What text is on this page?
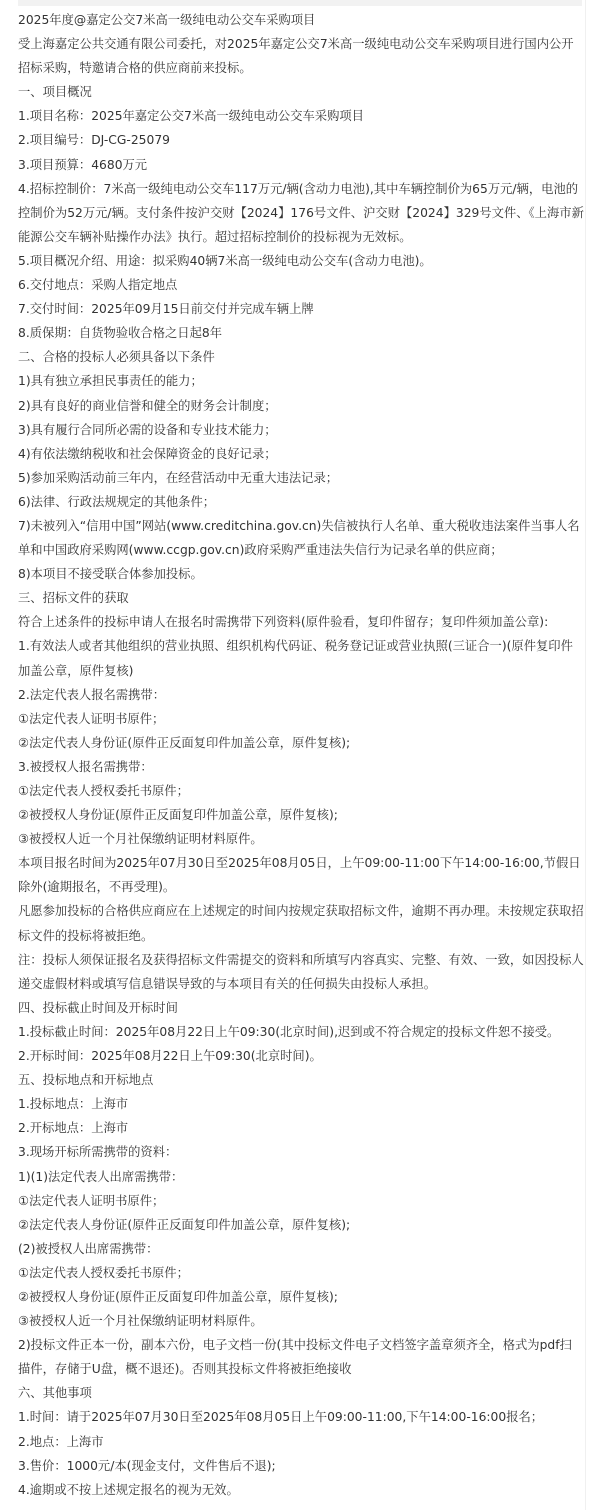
2025年度@嘉定公交7米高一级纯电动公交车采购项目

受上海嘉定公共交通有限公司委托，对2025年嘉定公交7米高一级纯电动公交车采购项目进行国内公开招标采购，特邀请合格的供应商前来投标。

一、项目概况

1.项目名称：2025年嘉定公交7米高一级纯电动公交车采购项目

2.项目编号：DJ-CG-25079

3.项目预算：4680万元

4.招标控制价：7米高一级纯电动公交车117万元/辆(含动力电池),其中车辆控制价为65万元/辆，电池的控制价为52万元/辆。支付条件按沪交财【2024】176号文件、沪交财【2024】329号文件、《上海市新能源公交车辆补贴操作办法》执行。超过招标控制价的投标视为无效标。

5.项目概况介绍、用途：拟采购40辆7米高一级纯电动公交车(含动力电池)。

6.交付地点：采购人指定地点

7.交付时间：2025年09月15日前交付并完成车辆上牌

8.质保期：自货物验收合格之日起8年

二、合格的投标人必须具备以下条件

1)具有独立承担民事责任的能力；

2)具有良好的商业信誉和健全的财务会计制度；

3)具有履行合同所必需的设备和专业技术能力；

4)有依法缴纳税收和社会保障资金的良好记录；

5)参加采购活动前三年内，在经营活动中无重大违法记录；

6)法律、行政法规规定的其他条件；

7)未被列入“信用中国”网站(www.creditchina.gov.cn)失信被执行人名单、重大税收违法案件当事人名单和中国政府采购网(www.ccgp.gov.cn)政府采购严重违法失信行为记录名单的供应商；

8)本项目不接受联合体参加投标。

三、招标文件的获取

符合上述条件的投标申请人在报名时需携带下列资料(原件验看，复印件留存；复印件须加盖公章):

1.有效法人或者其他组织的营业执照、组织机构代码证、税务登记证或营业执照(三证合一)(原件复印件加盖公章，原件复核)

2.法定代表人报名需携带：

①法定代表人证明书原件；

②法定代表人身份证(原件正反面复印件加盖公章，原件复核);

3.被授权人报名需携带：

①法定代表人授权委托书原件；

②被授权人身份证(原件正反面复印件加盖公章，原件复核);

③被授权人近一个月社保缴纳证明材料原件。

本项目报名时间为2025年07月30日至2025年08月05日，上午09:00-11:00下午14:00-16:00,节假日除外(逾期报名，不再受理)。

凡愿参加投标的合格供应商应在上述规定的时间内按规定获取招标文件，逾期不再办理。未按规定获取招标文件的投标将被拒绝。

注：投标人须保证报名及获得招标文件需提交的资料和所填写内容真实、完整、有效、一致，如因投标人递交虚假材料或填写信息错误导致的与本项目有关的任何损失由投标人承担。

四、投标截止时间及开标时间

1.投标截止时间：2025年08月22日上午09:30(北京时间),迟到或不符合规定的投标文件恕不接受。

2.开标时间：2025年08月22日上午09:30(北京时间)。

五、投标地点和开标地点

1.投标地点：上海市

2.开标地点：上海市

3.现场开标所需携带的资料：

1)(1)法定代表人出席需携带：

①法定代表人证明书原件；

②法定代表人身份证(原件正反面复印件加盖公章，原件复核);

(2)被授权人出席需携带：

①法定代表人授权委托书原件；

②被授权人身份证(原件正反面复印件加盖公章，原件复核);

③被授权人近一个月社保缴纳证明材料原件。

2)投标文件正本一份，副本六份，电子文档一份(其中投标文件电子文档签字盖章须齐全，格式为pdf扫描件，存储于U盘，概不退还)。否则其投标文件将被拒绝接收

六、其他事项

1.时间：请于2025年07月30日至2025年08月05日上午09:00-11:00,下午14:00-16:00报名；

2.地点：上海市

3.售价：1000元/本(现金支付，文件售后不退);

4.逾期或不按上述规定报名的视为无效。
